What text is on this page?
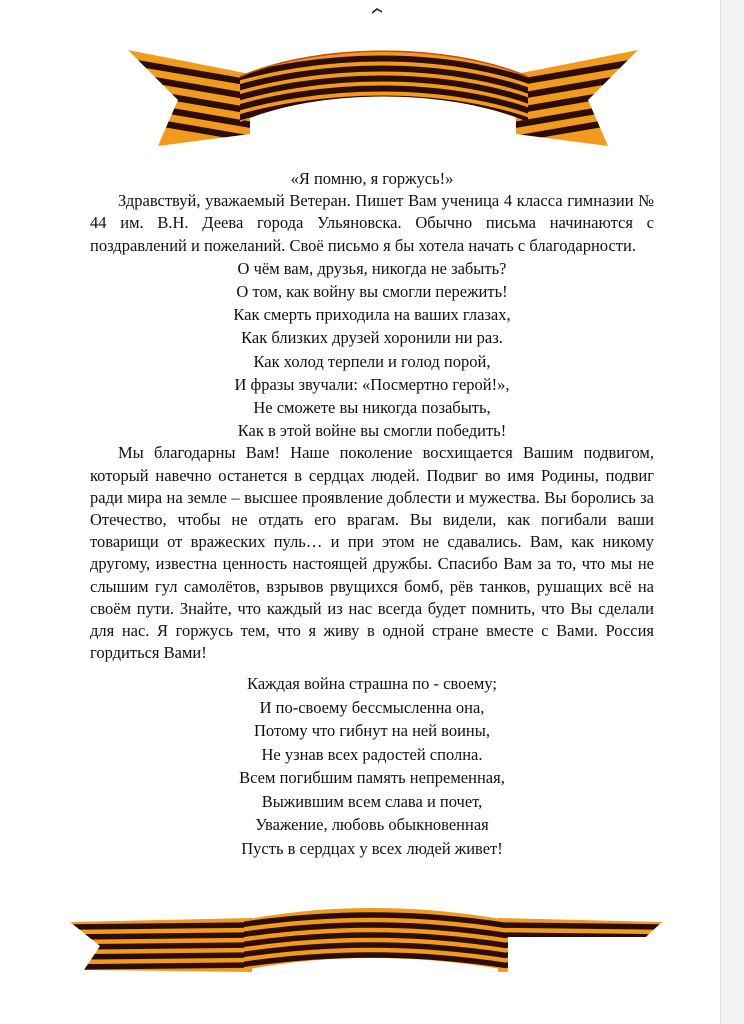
«Я помню, я горжусь!»

Здравствуй, уважаемый Ветеран. Пишет Вам ученица 4 класса гимназии № 44 им. В.Н. Деева города Ульяновска. Обычно письма начинаются с поздравлений и пожеланий. Своё письмо я бы хотела начать с благодарности.

О чём вам, друзья, никогда не забыть?
О том, как войну вы смогли пережить!
Как смерть приходила на ваших глазах,
Как близких друзей хоронили ни раз.
Как холод терпели и голод порой,
И фразы звучали: «Посмертно герой!»,
Не сможете вы никогда позабыть,
Как в этой войне вы смогли победить!

Мы благодарны Вам! Наше поколение восхищается Вашим подвигом, который навечно останется в сердцах людей. Подвиг во имя Родины, подвиг ради мира на земле – высшее проявление доблести и мужества. Вы боролись за Отечество, чтобы не отдать его врагам. Вы видели, как погибали ваши товарищи от вражеских пуль… и при этом не сдавались. Вам, как никому другому, известна ценность настоящей дружбы. Спасибо Вам за то, что мы не слышим гул самолётов, взрывов рвущихся бомб, рёв танков, рушащих всё на своём пути. Знайте, что каждый из нас всегда будет помнить, что Вы сделали для нас. Я горжусь тем, что я живу в одной стране вместе с Вами. Россия гордиться Вами!

Каждая война страшна по - своему;
И по-своему бессмысленна она,
Потому что гибнут на ней воины,
Не узнав всех радостей сполна.
Всем погибшим память непременная,
Выжившим всем слава и почет,
Уважение, любовь обыкновенная
Пусть в сердцах у всех людей живет!
